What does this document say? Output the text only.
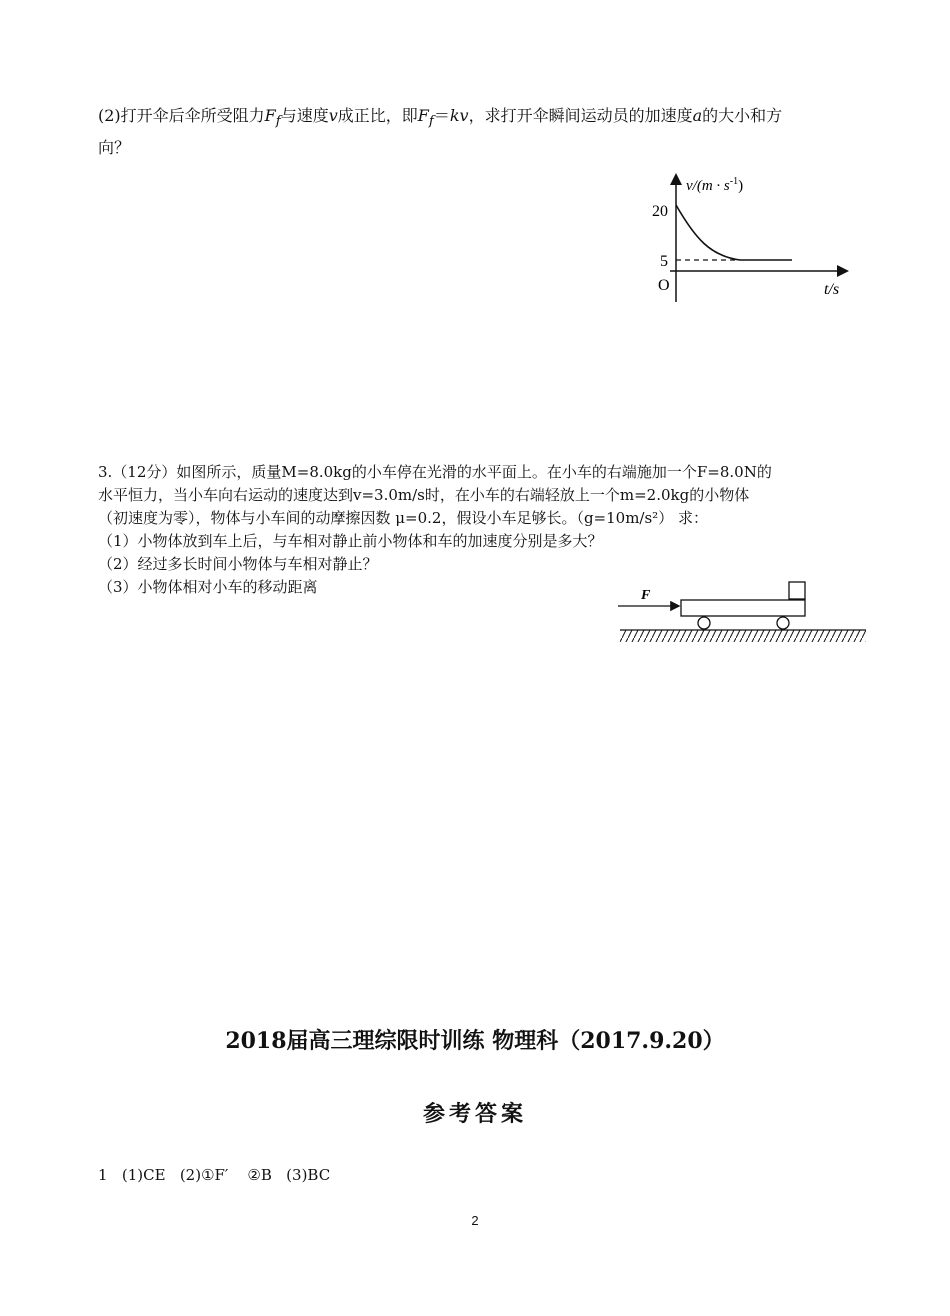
(2)打开伞后伞所受阻力$F_f$与速度v成正比，即$F_f=kv$，求打开伞瞬间运动员的加速度a的大小和方
向？
$v/(m \cdot s^{-1})$
20
5
O	t/s
3.（12分）如图所示，质量M=8.0kg的小车停在光滑的水平面上。在小车的右端施加一个F=8.0N的
水平恒力，当小车向右运动的速度达到v=3.0m/s时，在小车的右端轻放上一个m=2.0kg的小物体
（初速度为零），物体与小车间的动摩擦因数 μ=0.2，假设小车足够长。（g=10m/s²） 求：
（1）小物体放到车上后，与车相对静止前小物体和车的加速度分别是多大？
（2）经过多长时间小物体与车相对静止？
（3）小物体相对小车的移动距离	F
2018届高三理综限时训练 物理科（2017.9.20）
参考答案
1   (1)CE   (2)①F′    ②B   (3)BC
2
